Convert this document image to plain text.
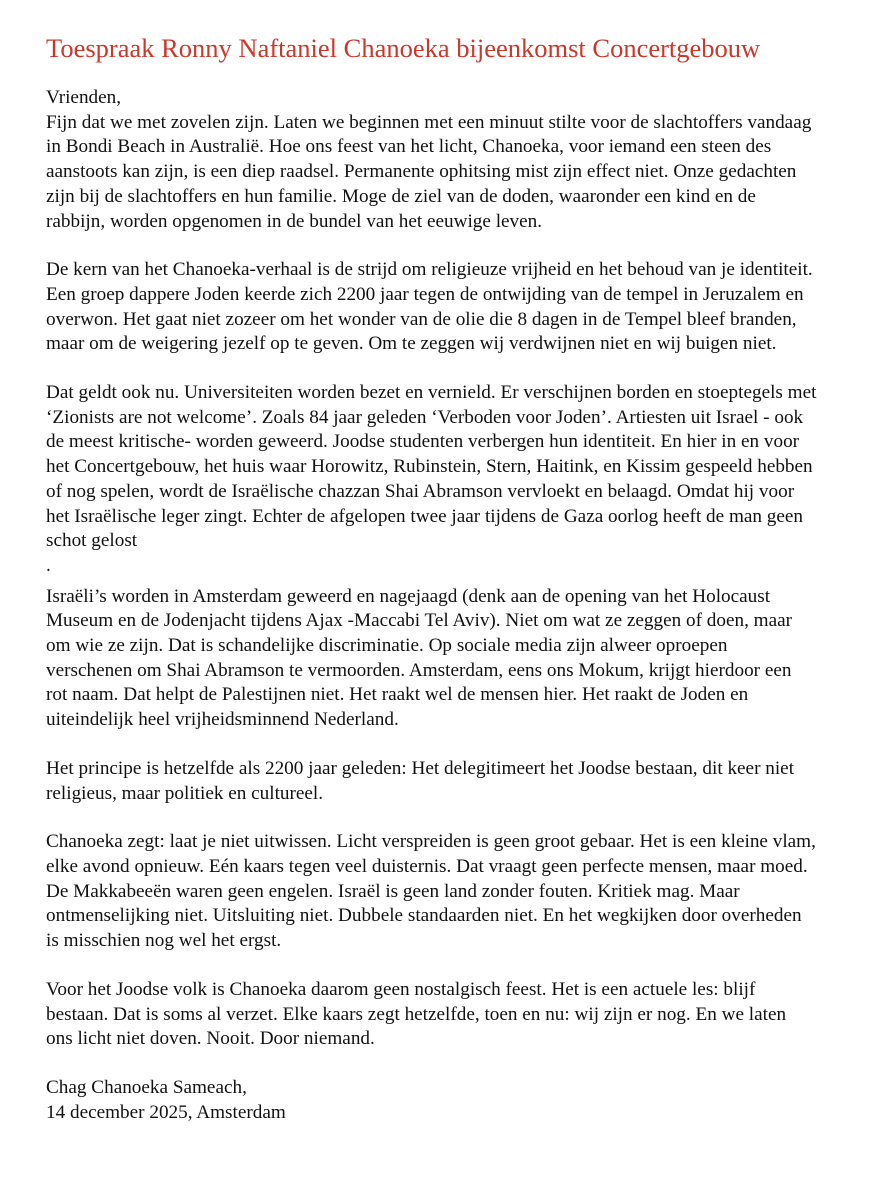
Toespraak Ronny Naftaniel Chanoeka bijeenkomst Concertgebouw

Vrienden,
Fijn dat we met zovelen zijn. Laten we beginnen met een minuut stilte voor de slachtoffers vandaag
in Bondi Beach in Australië. Hoe ons feest van het licht, Chanoeka, voor iemand een steen des
aanstoots kan zijn, is een diep raadsel. Permanente ophitsing mist zijn effect niet. Onze gedachten
zijn bij de slachtoffers en hun familie. Moge de ziel van de doden, waaronder een kind en de
rabbijn, worden opgenomen in de bundel van het eeuwige leven.

De kern van het Chanoeka-verhaal is de strijd om religieuze vrijheid en het behoud van je identiteit.
Een groep dappere Joden keerde zich 2200 jaar tegen de ontwijding van de tempel in Jeruzalem en
overwon. Het gaat niet zozeer om het wonder van de olie die 8 dagen in de Tempel bleef branden,
maar om de weigering jezelf op te geven. Om te zeggen wij verdwijnen niet en wij buigen niet.

Dat geldt ook nu. Universiteiten worden bezet en vernield. Er verschijnen borden en stoeptegels met
‘Zionists are not welcome’. Zoals 84 jaar geleden ‘Verboden voor Joden’. Artiesten uit Israel - ook
de meest kritische- worden geweerd. Joodse studenten verbergen hun identiteit. En hier in en voor
het Concertgebouw, het huis waar Horowitz, Rubinstein, Stern, Haitink, en Kissim gespeeld hebben
of nog spelen, wordt de Israëlische chazzan Shai Abramson vervloekt en belaagd. Omdat hij voor
het Israëlische leger zingt. Echter de afgelopen twee jaar tijdens de Gaza oorlog heeft de man geen
schot gelost
.

Israëli’s worden in Amsterdam geweerd en nagejaagd (denk aan de opening van het Holocaust
Museum en de Jodenjacht tijdens Ajax -Maccabi Tel Aviv). Niet om wat ze zeggen of doen, maar
om wie ze zijn. Dat is schandelijke discriminatie. Op sociale media zijn alweer oproepen
verschenen om Shai Abramson te vermoorden. Amsterdam, eens ons Mokum, krijgt hierdoor een
rot naam. Dat helpt de Palestijnen niet. Het raakt wel de mensen hier. Het raakt de Joden en
uiteindelijk heel vrijheidsminnend Nederland.

Het principe is hetzelfde als 2200 jaar geleden: Het delegitimeert het Joodse bestaan, dit keer niet
religieus, maar politiek en cultureel.

Chanoeka zegt: laat je niet uitwissen. Licht verspreiden is geen groot gebaar. Het is een kleine vlam,
elke avond opnieuw. Eén kaars tegen veel duisternis. Dat vraagt geen perfecte mensen, maar moed.
De Makkabeeën waren geen engelen. Israël is geen land zonder fouten. Kritiek mag. Maar
ontmenselijking niet. Uitsluiting niet. Dubbele standaarden niet. En het wegkijken door overheden
is misschien nog wel het ergst.

Voor het Joodse volk is Chanoeka daarom geen nostalgisch feest. Het is een actuele les: blijf
bestaan. Dat is soms al verzet. Elke kaars zegt hetzelfde, toen en nu: wij zijn er nog. En we laten
ons licht niet doven. Nooit. Door niemand.

Chag Chanoeka Sameach,
14 december 2025, Amsterdam
